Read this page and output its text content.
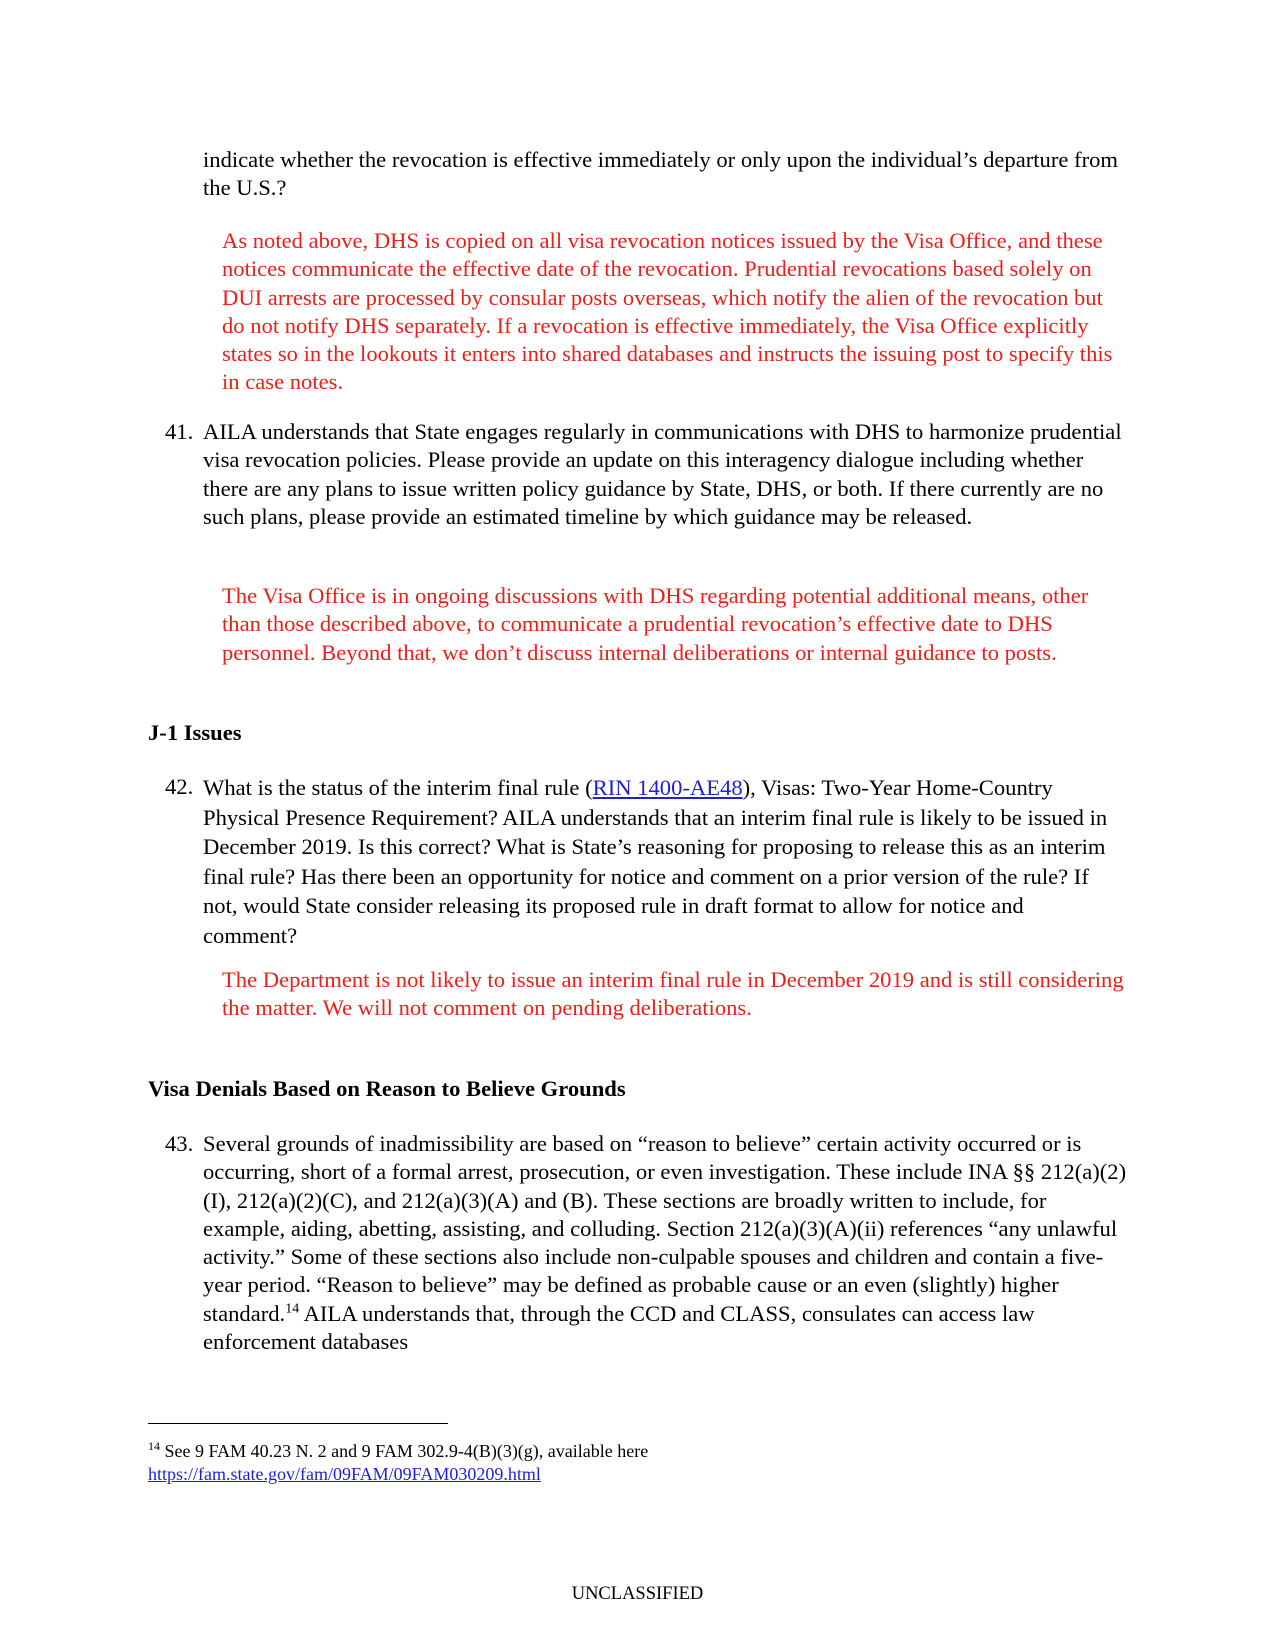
indicate whether the revocation is effective immediately or only upon the individual’s departure from the U.S.?

As noted above, DHS is copied on all visa revocation notices issued by the Visa Office, and these notices communicate the effective date of the revocation. Prudential revocations based solely on DUI arrests are processed by consular posts overseas, which notify the alien of the revocation but do not notify DHS separately. If a revocation is effective immediately, the Visa Office explicitly states so in the lookouts it enters into shared databases and instructs the issuing post to specify this in case notes.

41. AILA understands that State engages regularly in communications with DHS to harmonize prudential visa revocation policies. Please provide an update on this interagency dialogue including whether there are any plans to issue written policy guidance by State, DHS, or both. If there currently are no such plans, please provide an estimated timeline by which guidance may be released.

The Visa Office is in ongoing discussions with DHS regarding potential additional means, other than those described above, to communicate a prudential revocation’s effective date to DHS personnel. Beyond that, we don’t discuss internal deliberations or internal guidance to posts.

J-1 Issues
42. What is the status of the interim final rule (RIN 1400-AE48), Visas: Two-Year Home-Country Physical Presence Requirement? AILA understands that an interim final rule is likely to be issued in December 2019. Is this correct? What is State’s reasoning for proposing to release this as an interim final rule? Has there been an opportunity for notice and comment on a prior version of the rule? If not, would State consider releasing its proposed rule in draft format to allow for notice and comment?

The Department is not likely to issue an interim final rule in December 2019 and is still considering the matter. We will not comment on pending deliberations.

Visa Denials Based on Reason to Believe Grounds
43. Several grounds of inadmissibility are based on “reason to believe” certain activity occurred or is occurring, short of a formal arrest, prosecution, or even investigation. These include INA §§ 212(a)(2)(I), 212(a)(2)(C), and 212(a)(3)(A) and (B). These sections are broadly written to include, for example, aiding, abetting, assisting, and colluding. Section 212(a)(3)(A)(ii) references “any unlawful activity.” Some of these sections also include non-culpable spouses and children and contain a five-year period. “Reason to believe” may be defined as probable cause or an even (slightly) higher standard.$^{14}$ AILA understands that, through the CCD and CLASS, consulates can access law enforcement databases

$^{14}$ See 9 FAM 40.23 N. 2 and 9 FAM 302.9-4(B)(3)(g), available here
https://fam.state.gov/fam/09FAM/09FAM030209.html
UNCLASSIFIED
